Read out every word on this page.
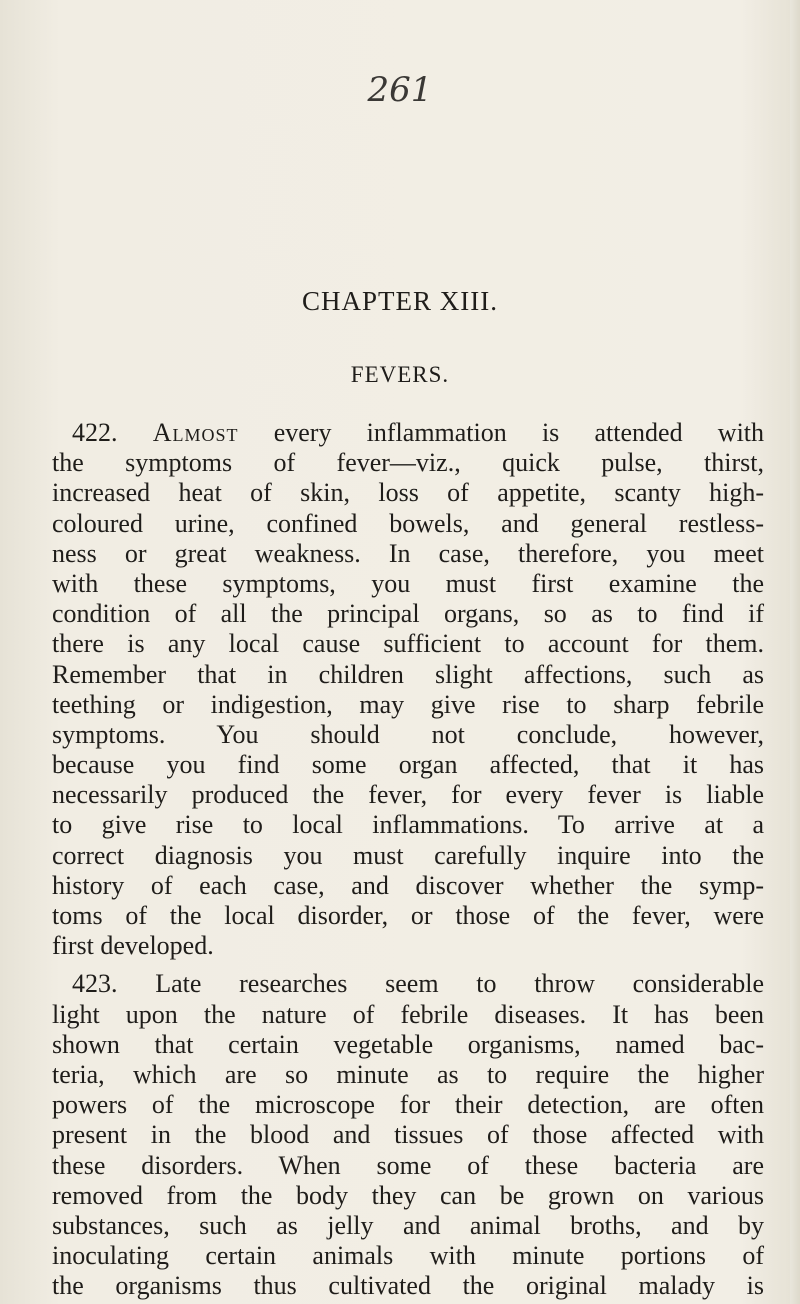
261
CHAPTER XIII.
FEVERS.
422. Almost every inflammation is attended with
the symptoms of fever—viz., quick pulse, thirst,
increased heat of skin, loss of appetite, scanty high-
coloured urine, confined bowels, and general restless-
ness or great weakness. In case, therefore, you meet
with these symptoms, you must first examine the
condition of all the principal organs, so as to find if
there is any local cause sufficient to account for them.
Remember that in children slight affections, such as
teething or indigestion, may give rise to sharp febrile
symptoms. You should not conclude, however,
because you find some organ affected, that it has
necessarily produced the fever, for every fever is liable
to give rise to local inflammations. To arrive at a
correct diagnosis you must carefully inquire into the
history of each case, and discover whether the symp-
toms of the local disorder, or those of the fever, were
first developed.
423. Late researches seem to throw considerable
light upon the nature of febrile diseases. It has been
shown that certain vegetable organisms, named bac-
teria, which are so minute as to require the higher
powers of the microscope for their detection, are often
present in the blood and tissues of those affected with
these disorders. When some of these bacteria are
removed from the body they can be grown on various
substances, such as jelly and animal broths, and by
inoculating certain animals with minute portions of
the organisms thus cultivated the original malady is
